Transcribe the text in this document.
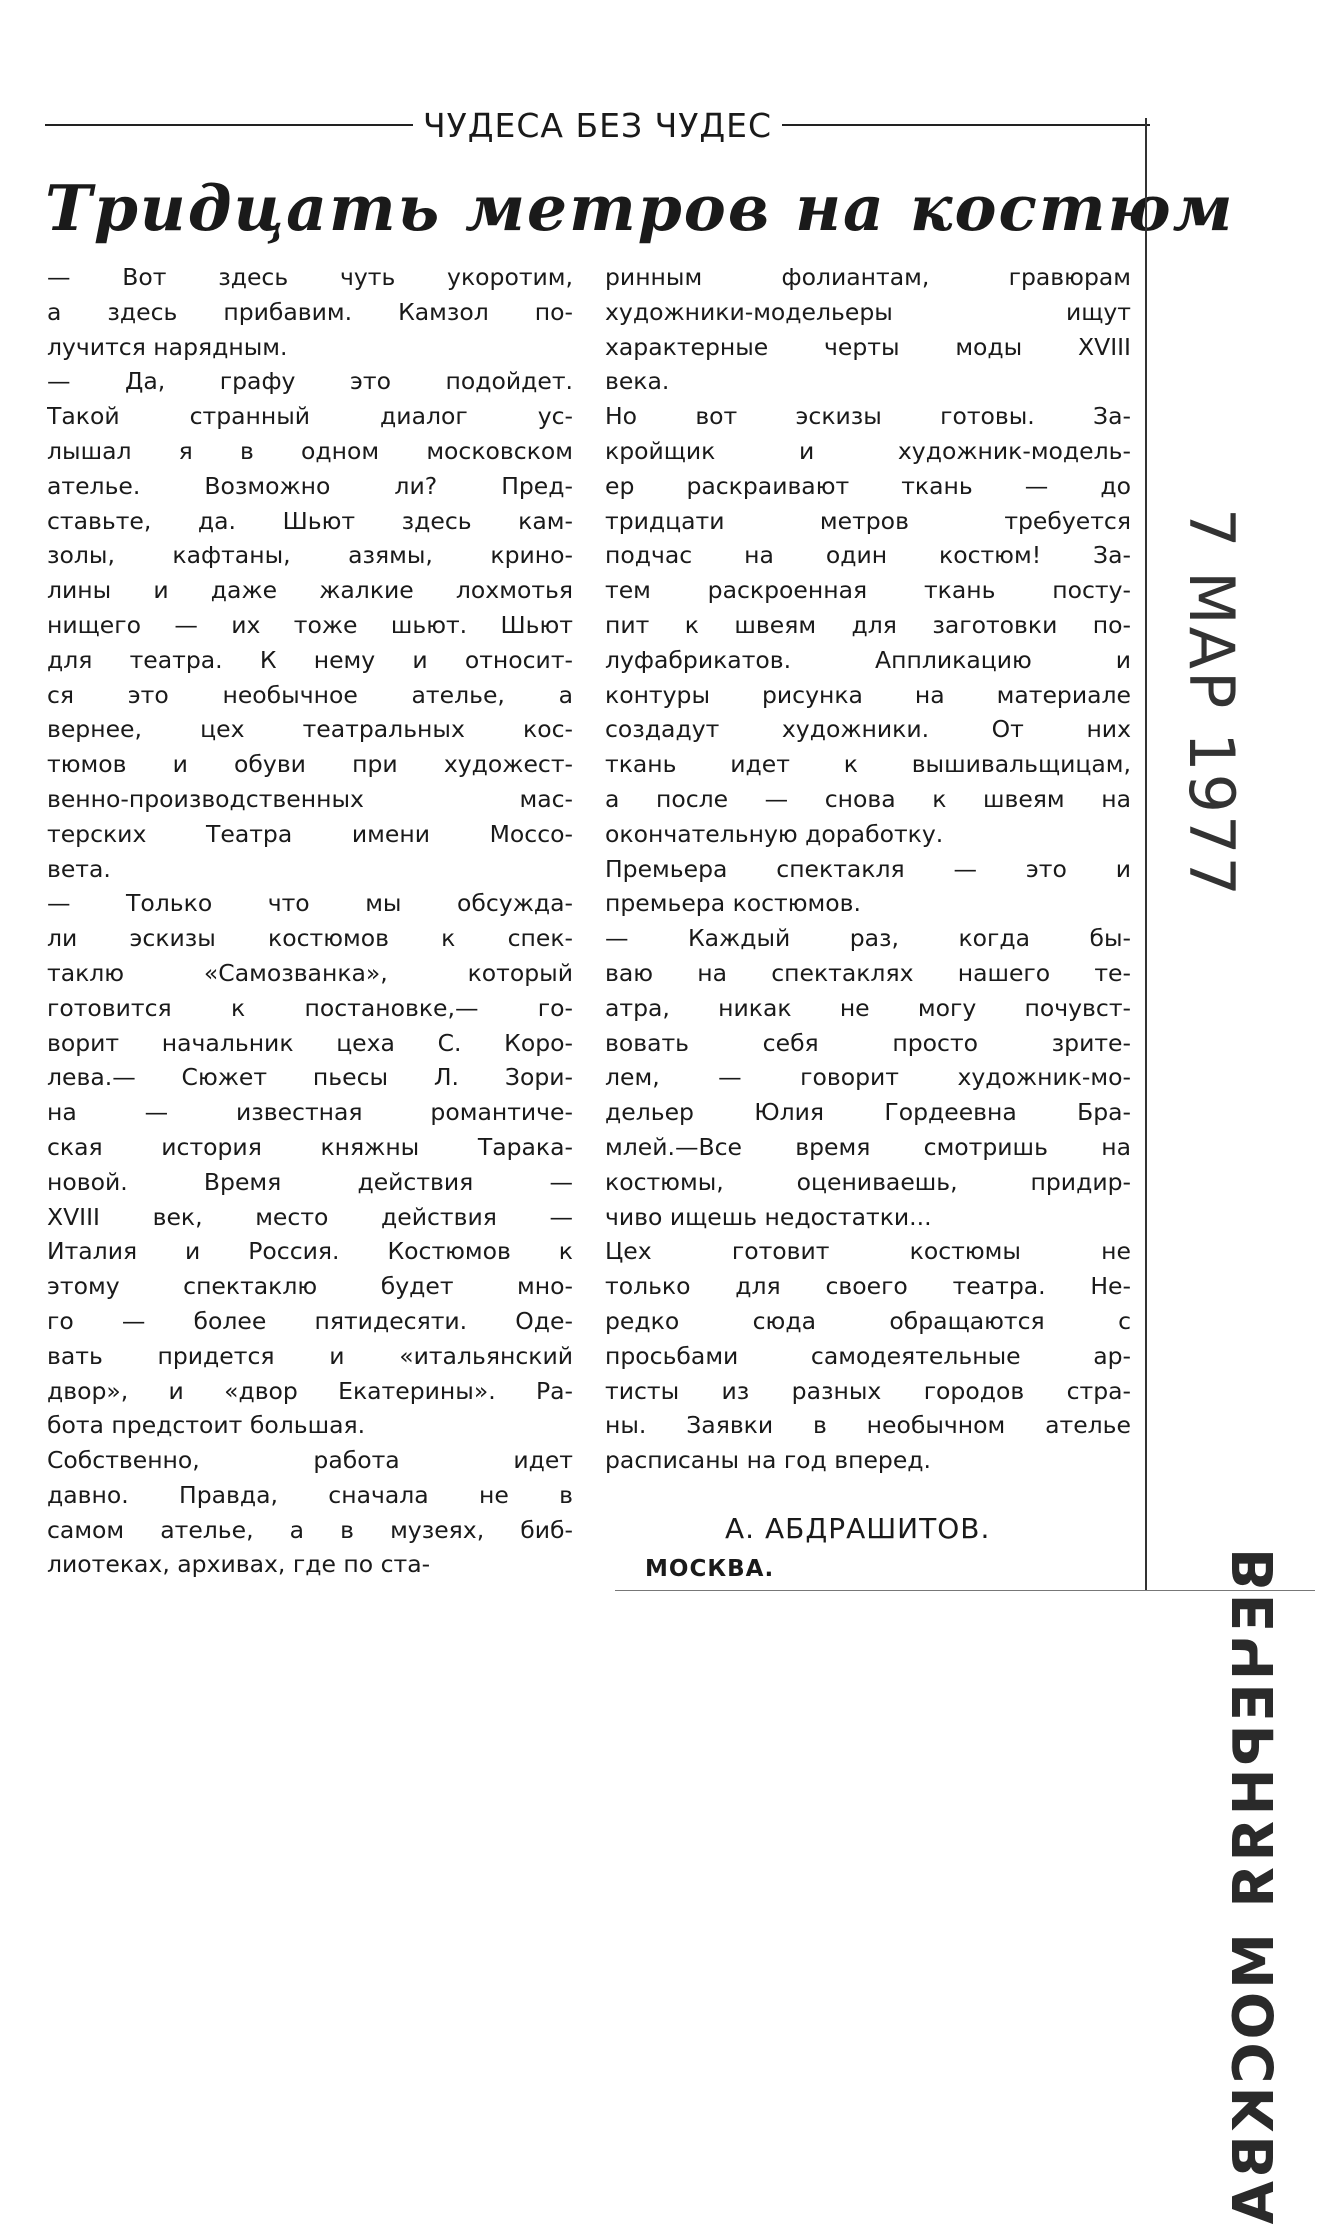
ЧУДЕСА БЕЗ ЧУДЕС
Тридцать метров на костюм
— Вот здесь чуть укоротим,
а здесь прибавим. Камзол по-
лучится нарядным.
— Да, графу это подойдет.
Такой странный диалог ус-
лышал я в одном московском
ателье. Возможно ли? Пред-
ставьте, да. Шьют здесь кам-
золы, кафтаны, азямы, крино-
лины и даже жалкие лохмотья
нищего — их тоже шьют. Шьют
для театра. К нему и относит-
ся это необычное ателье, а
вернее, цех театральных кос-
тюмов и обуви при художест-
венно-производственных мас-
терских Театра имени Моссо-
вета.
— Только что мы обсужда-
ли эскизы костюмов к спек-
таклю «Самозванка», который
готовится к постановке,— го-
ворит начальник цеха С. Коро-
лева.— Сюжет пьесы Л. Зори-
на — известная романтиче-
ская история княжны Тарака-
новой. Время действия —
XVIII век, место действия —
Италия и Россия. Костюмов к
этому спектаклю будет мно-
го — более пятидесяти. Оде-
вать придется и «итальянский
двор», и «двор Екатерины». Ра-
бота предстоит большая.
Собственно, работа идет
давно. Правда, сначала не в
самом ателье, а в музеях, биб-
лиотеках, архивах, где по ста-
ринным фолиантам, гравюрам
художники-модельеры ищут
характерные черты моды XVIII
века.
Но вот эскизы готовы. За-
кройщик и художник-модель-
ер раскраивают ткань — до
тридцати метров требуется
подчас на один костюм! За-
тем раскроенная ткань посту-
пит к швеям для заготовки по-
луфабрикатов. Аппликацию и
контуры рисунка на материале
создадут художники. От них
ткань идет к вышивальщицам,
а после — снова к швеям на
окончательную доработку.
Премьера спектакля — это и
премьера костюмов.
— Каждый раз, когда бы-
ваю на спектаклях нашего те-
атра, никак не могу почувст-
вовать себя просто зрите-
лем, — говорит художник-мо-
дельер Юлия Гордеевна Бра-
млей.—Все время смотришь на
костюмы, оцениваешь, придир-
чиво ищешь недостатки...
Цех готовит костюмы не
только для своего театра. Не-
редко сюда обращаются с
просьбами самодеятельные ар-
тисты из разных городов стра-
ны. Заявки в необычном ателье
расписаны на год вперед.
А. АБДРАШИТОВ.
МОСКВА.
7 МАР 1977
ВЕЧЕРНЯЯ МОСКВА
